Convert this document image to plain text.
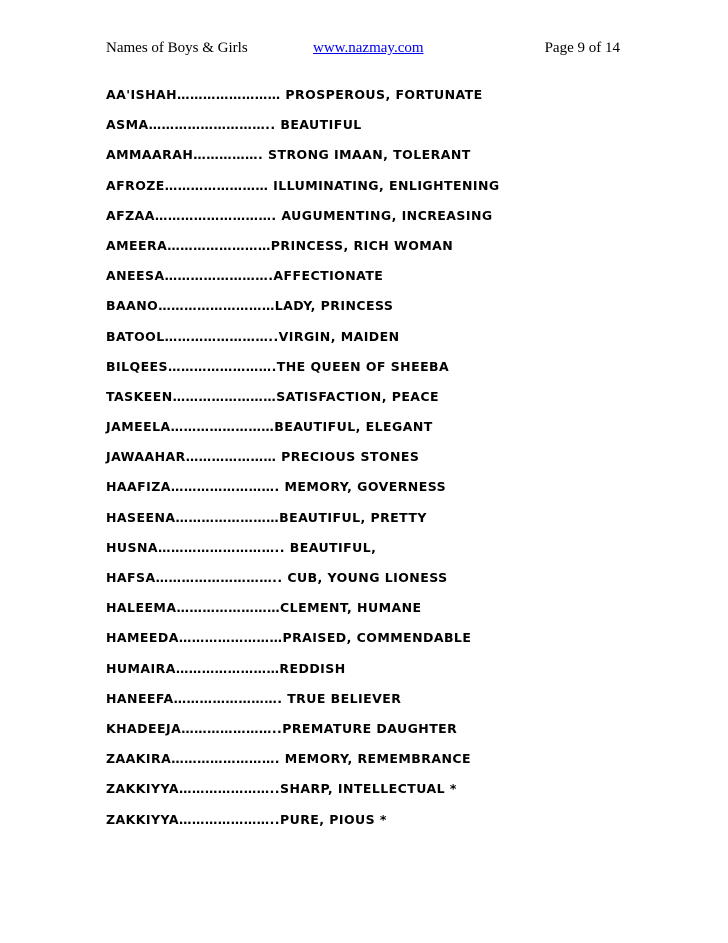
Names of Boys & Girls	www.nazmay.com	Page 9 of 14
AA'ISHAH…………………… PROSPEROUS, FORTUNATE
ASMA……………………….. BEAUTIFUL
AMMAARAH……………. STRONG IMAAN, TOLERANT
AFROZE…………………… ILLUMINATING, ENLIGHTENING
AFZAA………………………. AUGUMENTING, INCREASING
AMEERA……………………PRINCESS, RICH WOMAN
ANEESA…………………….AFFECTIONATE
BAANO………………………LADY, PRINCESS
BATOOL……………………..VIRGIN, MAIDEN
BILQEES…………………….THE QUEEN OF SHEEBA
TASKEEN……………………SATISFACTION, PEACE
JAMEELA……………………BEAUTIFUL, ELEGANT
JAWAAHAR………………… PRECIOUS STONES
HAAFIZA……………………. MEMORY, GOVERNESS
HASEENA……………………BEAUTIFUL, PRETTY
HUSNA……………………….. BEAUTIFUL,
HAFSA……………………….. CUB, YOUNG LIONESS
HALEEMA……………………CLEMENT, HUMANE
HAMEEDA……………………PRAISED, COMMENDABLE
HUMAIRA……………………REDDISH
HANEEFA……………………. TRUE BELIEVER
KHADEEJA…………………..PREMATURE DAUGHTER
ZAAKIRA……………………. MEMORY, REMEMBRANCE
ZAKKIYYA…………………..SHARP, INTELLECTUAL *
ZAKKIYYA…………………..PURE, PIOUS *
